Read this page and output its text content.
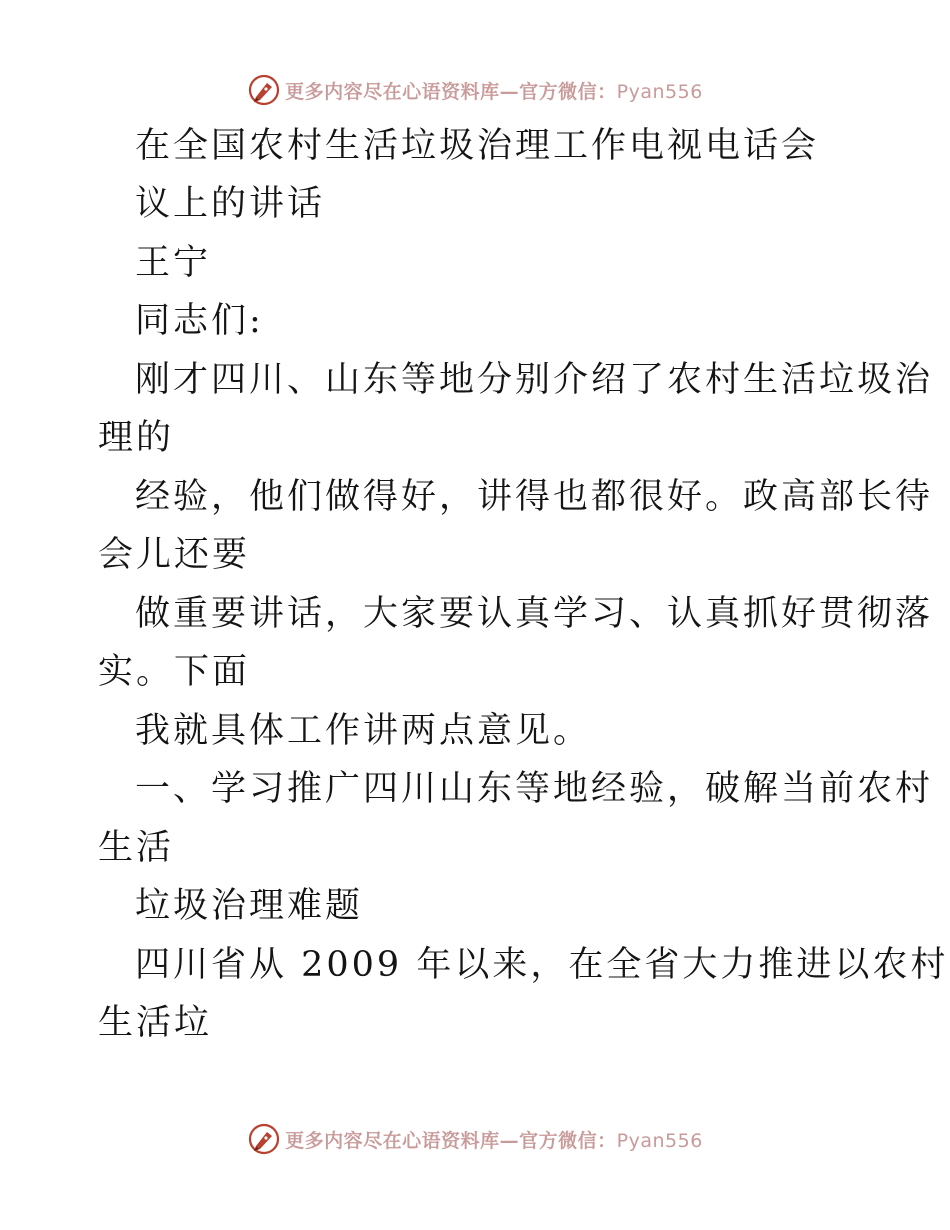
更多内容尽在心语资料库—官方微信：Pyan556
在全国农村生活垃圾治理工作电视电话会
议上的讲话
王宁
同志们:
刚才四川、山东等地分别介绍了农村生活垃圾治
理的
经验，他们做得好，讲得也都很好。政高部长待
会儿还要
做重要讲话，大家要认真学习、认真抓好贯彻落
实。下面
我就具体工作讲两点意见。
一、学习推广四川山东等地经验，破解当前农村
生活
垃圾治理难题
四川省从 2009 年以来，在全省大力推进以农村
生活垃
更多内容尽在心语资料库—官方微信：Pyan556
